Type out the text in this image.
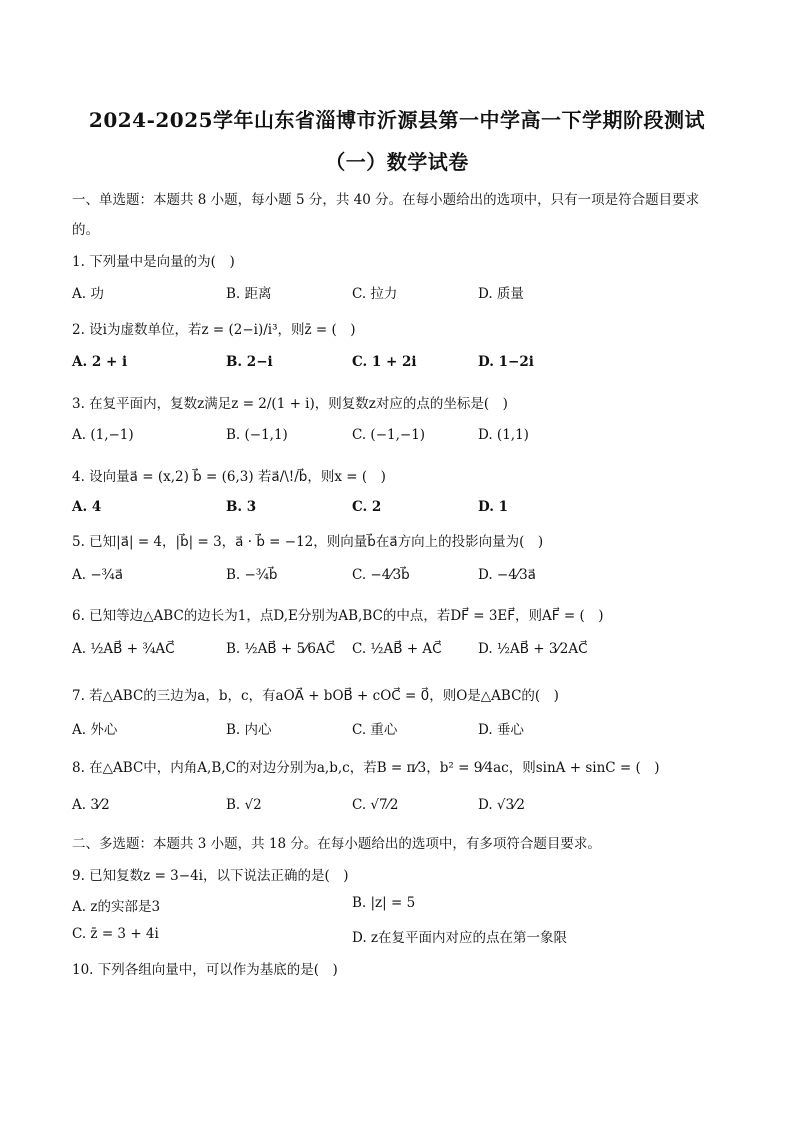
2024-2025学年山东省淄博市沂源县第一中学高一下学期阶段测试
（一）数学试卷
一、单选题：本题共 8 小题，每小题 5 分，共 40 分。在每小题给出的选项中，只有一项是符合题目要求
的。
1. 下列量中是向量的为(　)
A. 功	B. 距离	C. 拉力	D. 质量
2. 设i为虚数单位，若z = (2−i)/i³，则z̄ = (　)
A. 2 + i	B. 2−i	C. 1 + 2i	D. 1−2i
3. 在复平面内，复数z满足z = 2/(1 + i)，则复数z对应的点的坐标是(　)
A. (1,−1)	B. (−1,1)	C. (−1,−1)	D. (1,1)
4. 设向量a⃗ = (x,2) b⃗ = (6,3) 若a⃗/\!/b⃗，则x = (　)
A. 4	B. 3	C. 2	D. 1
5. 已知|a⃗| = 4，|b⃗| = 3，a⃗ · b⃗ = −12，则向量b⃗在a⃗方向上的投影向量为(　)
A. −¾a⃗	B. −¾b⃗	C. −4⁄3b⃗	D. −4⁄3a⃗
6. 已知等边△ABC的边长为1，点D,E分别为AB,BC的中点，若DF⃗ = 3EF⃗，则AF⃗ = (　)
A. ½AB⃗ + ¾AC⃗	B. ½AB⃗ + 5⁄6AC⃗ C. ½AB⃗ + AC⃗	D. ½AB⃗ + 3⁄2AC⃗
7. 若△ABC的三边为a，b，c，有aOA⃗ + bOB⃗ + cOC⃗ = 0⃗，则O是△ABC的(　)
A. 外心	B. 内心	C. 重心	D. 垂心
8. 在△ABC中，内角A,B,C的对边分别为a,b,c，若B = π⁄3，b² = 9⁄4ac，则sinA + sinC = (　)
A. 3⁄2	B. √2	C. √7⁄2	D. √3⁄2
二、多选题：本题共 3 小题，共 18 分。在每小题给出的选项中，有多项符合题目要求。
9. 已知复数z = 3−4i，以下说法正确的是(　)
A. z的实部是3	B. |z| = 5
C. z̄ = 3 + 4i	D. z在复平面内对应的点在第一象限
10. 下列各组向量中，可以作为基底的是(　)
